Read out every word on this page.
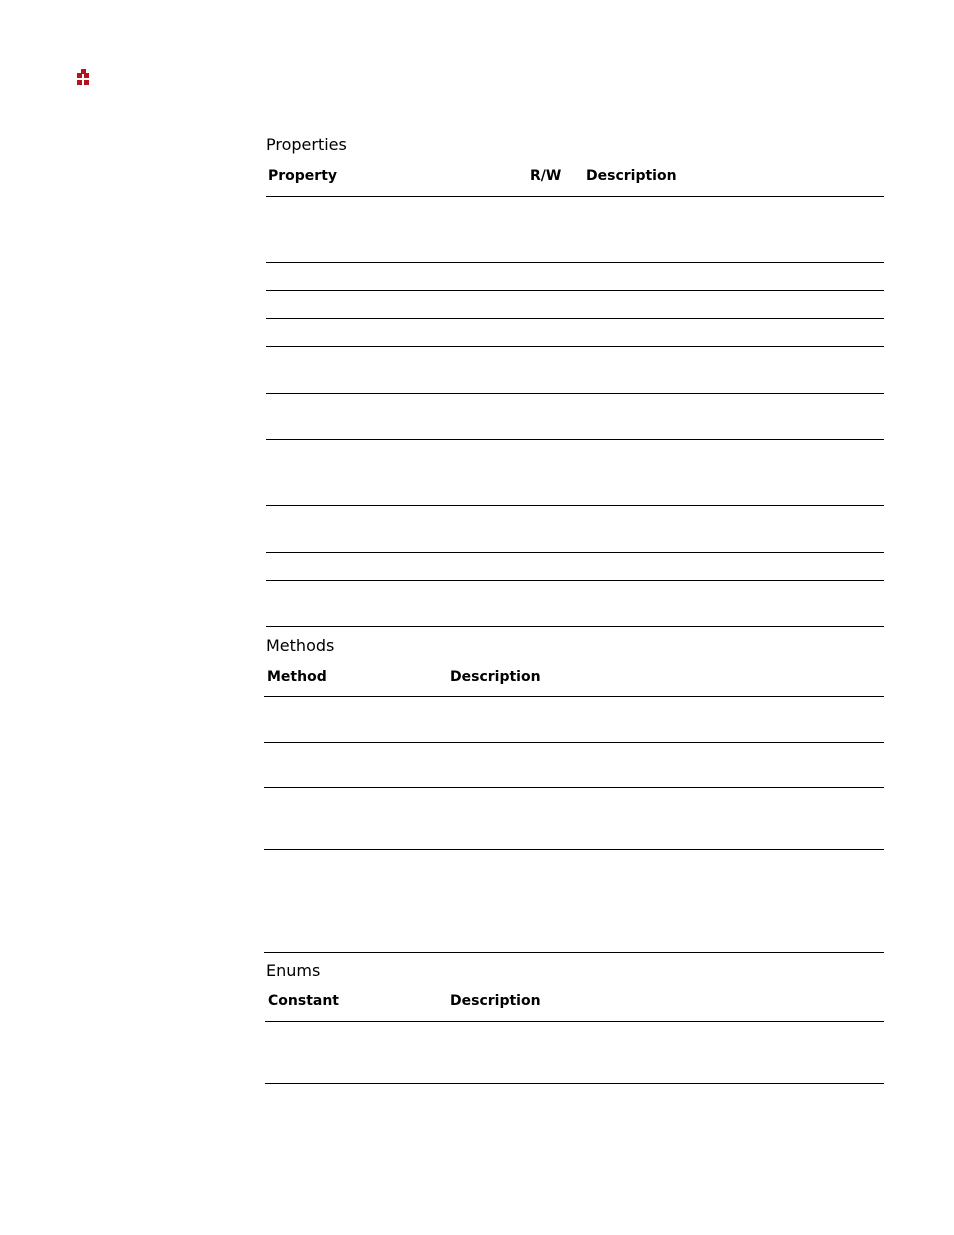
Properties
Property	R/W Description
Methods
Method	Description
Enums
Constant	Description
